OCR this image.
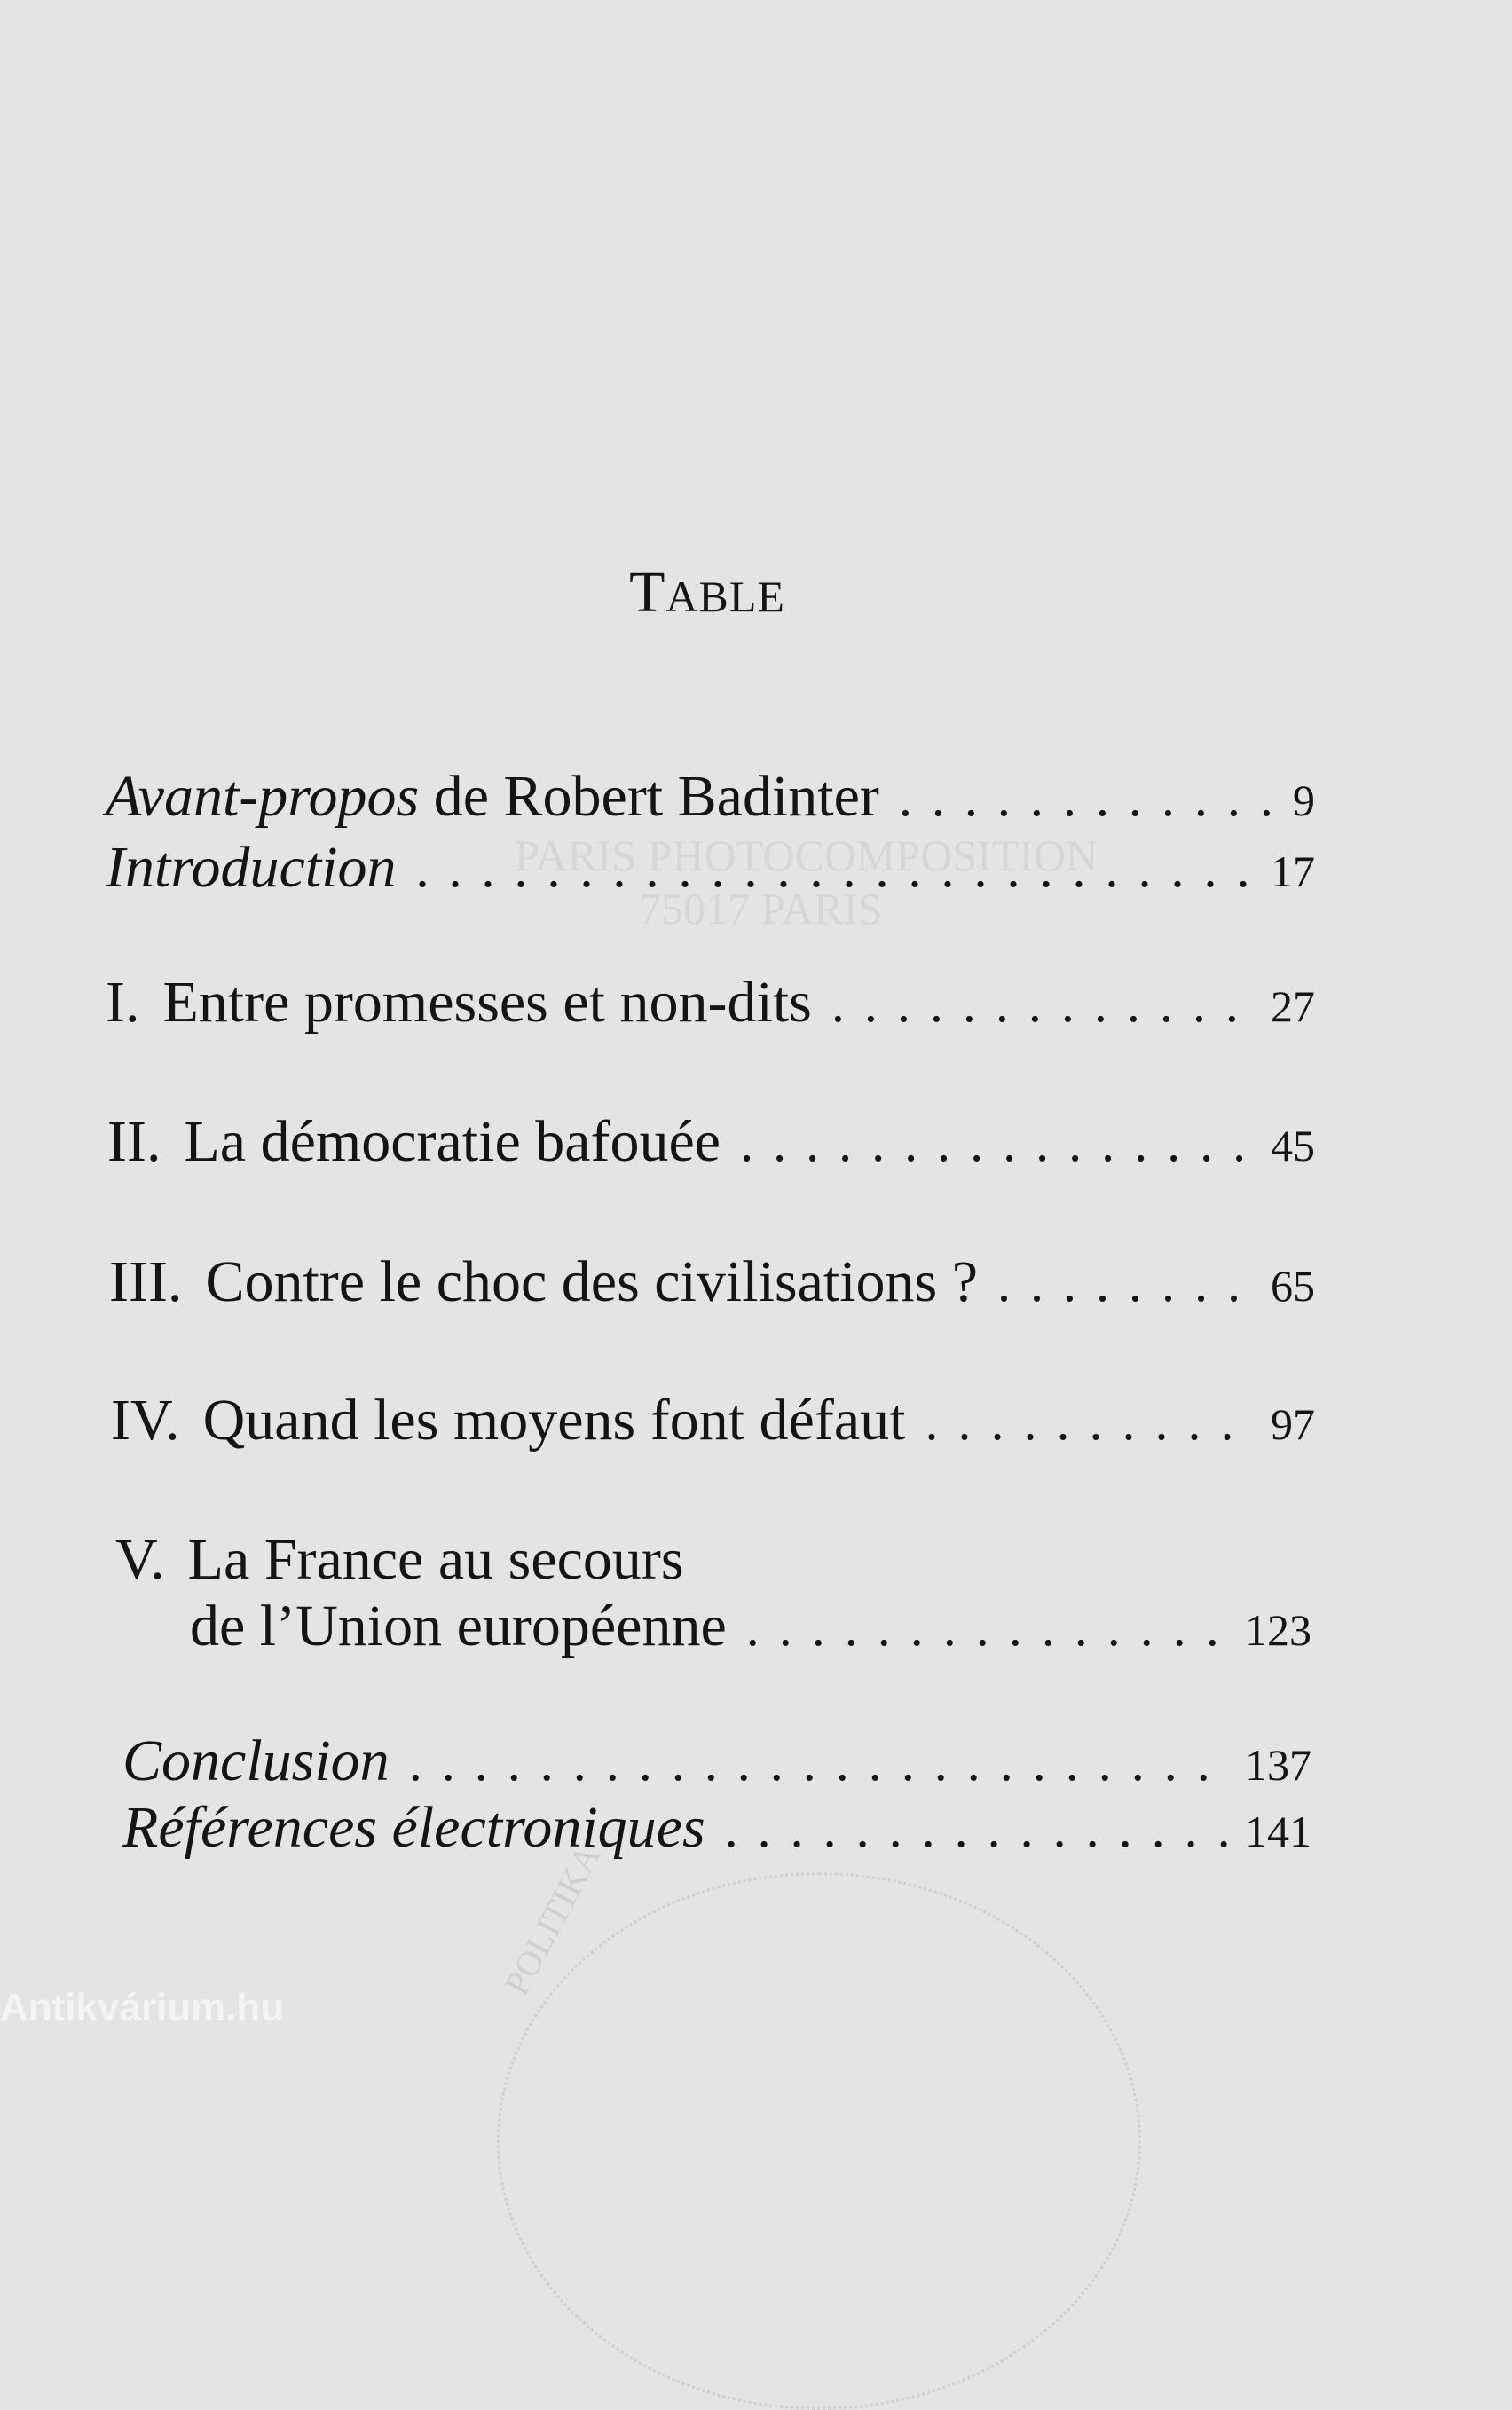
PARIS PHOTOCOMPOSITION
75017 PARIS
TABLE
Avant-propos de Robert Badinter . . .	9
Introduction . . .	17
I. Entre promesses et non-dits . . .	27
II. La démocratie bafouée . . .	45
III. Contre le choc des civilisations ? . . .	65
IV. Quand les moyens font défaut . . .	97
V. La France au secours
de l’Union européenne . . .	123
Conclusion . . .	137
Références électroniques . . .	141
POLITIKA
Antikvárium.hu
